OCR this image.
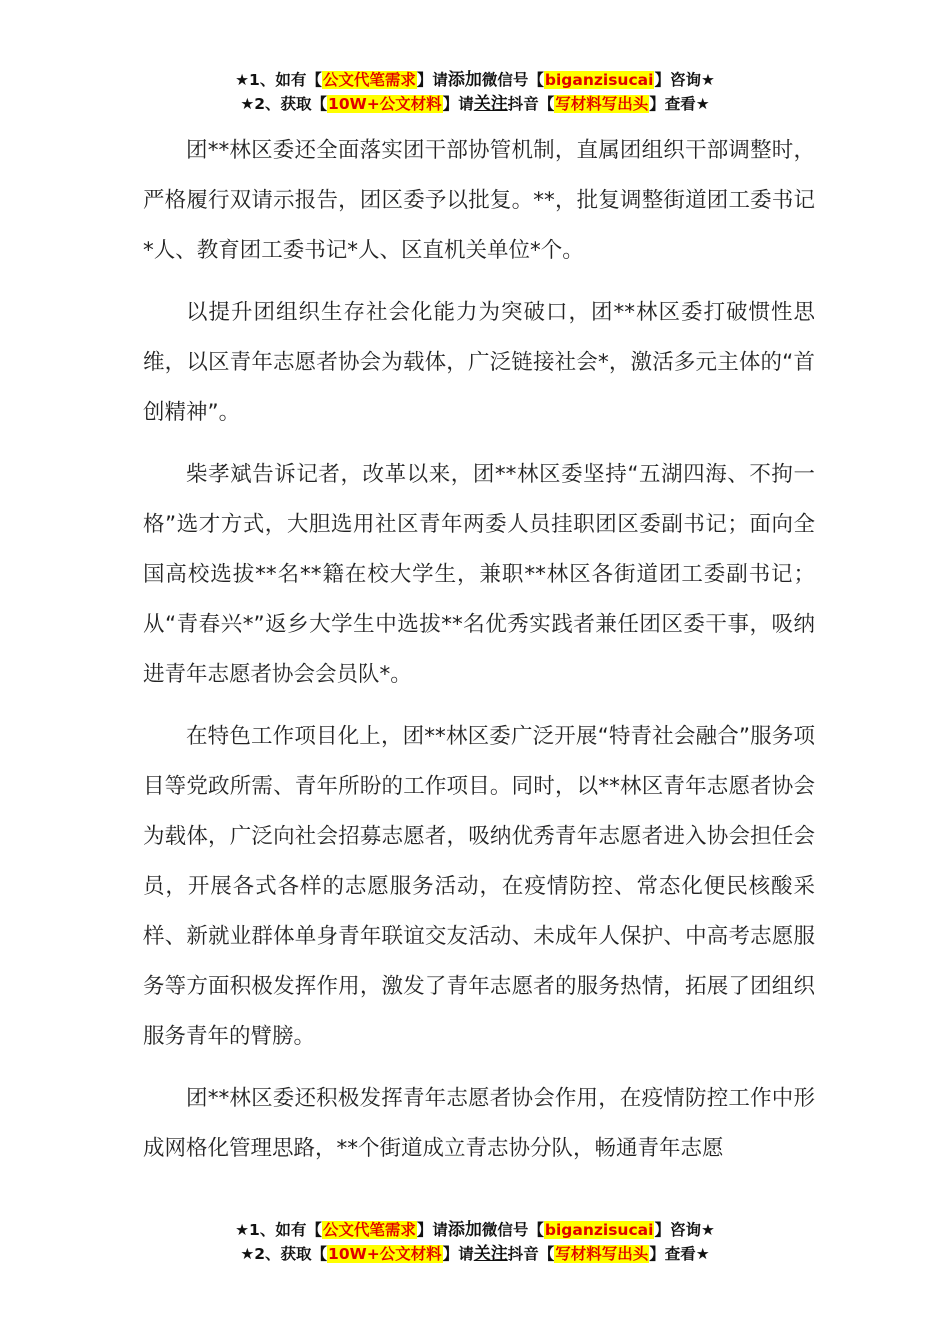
★1、如有【公文代笔需求】请添加微信号【biganzisucai】咨询★
★2、获取【10W+公文材料】请关注抖音【写材料写出头】查看★

团**林区委还全面落实团干部协管机制，直属团组织干部调整时，严格履行双请示报告，团区委予以批复。**，批复调整街道团工委书记*人、教育团工委书记*人、区直机关单位*个。

以提升团组织生存社会化能力为突破口，团**林区委打破惯性思维，以区青年志愿者协会为载体，广泛链接社会*，激活多元主体的“首创精神”。

柴孝斌告诉记者，改革以来，团**林区委坚持“五湖四海、不拘一格”选才方式，大胆选用社区青年两委人员挂职团区委副书记；面向全国高校选拔**名**籍在校大学生，兼职**林区各街道团工委副书记；从“青春兴*”返乡大学生中选拔**名优秀实践者兼任团区委干事，吸纳进青年志愿者协会会员队*。

在特色工作项目化上，团**林区委广泛开展“特青社会融合”服务项目等党政所需、青年所盼的工作项目。同时，以**林区青年志愿者协会为载体，广泛向社会招募志愿者，吸纳优秀青年志愿者进入协会担任会员，开展各式各样的志愿服务活动，在疫情防控、常态化便民核酸采样、新就业群体单身青年联谊交友活动、未成年人保护、中高考志愿服务等方面积极发挥作用，激发了青年志愿者的服务热情，拓展了团组织服务青年的臂膀。

团**林区委还积极发挥青年志愿者协会作用，在疫情防控工作中形成网格化管理思路，**个街道成立青志协分队，畅通青年志愿

★1、如有【公文代笔需求】请添加微信号【biganzisucai】咨询★
★2、获取【10W+公文材料】请关注抖音【写材料写出头】查看★
